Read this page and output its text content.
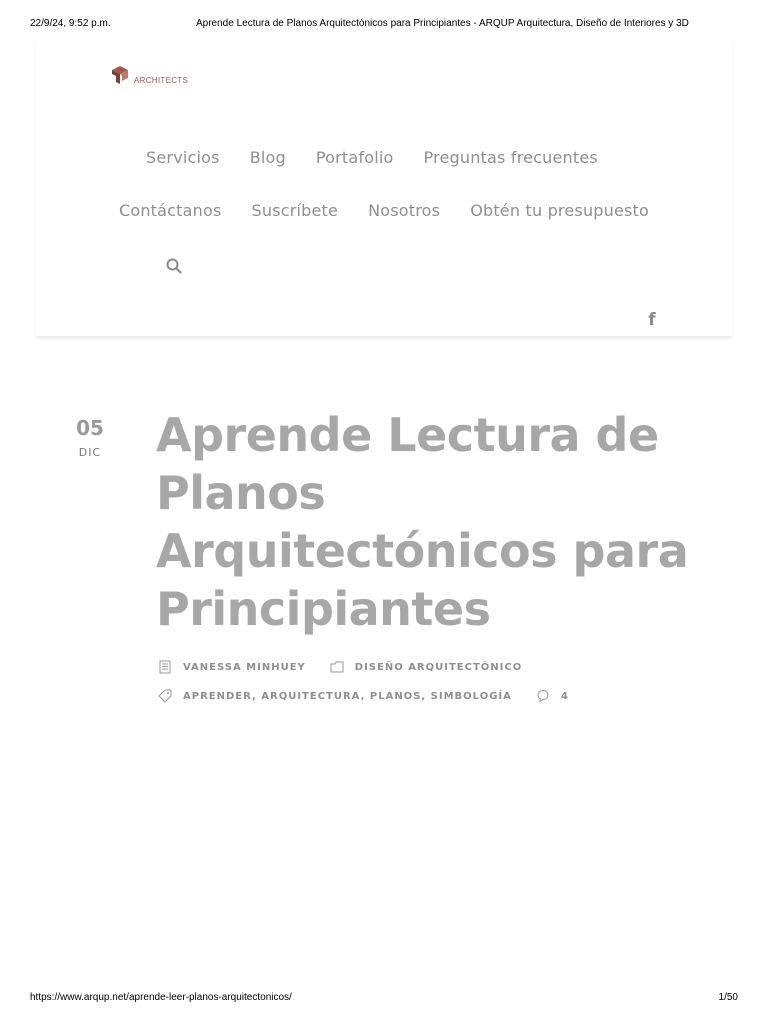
22/9/24, 9:52 p.m.	Aprende Lectura de Planos Arquitectónicos para Principiantes - ARQUP Arquitectura, Diseño de Interiores y 3D
ARCHITECTS
Servicios Blog Portafolio Preguntas frecuentes
Contáctanos Suscríbete Nosotros Obtén tu presupuesto
f
05
DIC Aprende Lectura de Planos Arquitectónicos para Principiantes
VANESSA MINHUEY	DISEÑO ARQUITECTÓNICO
APRENDER, ARQUITECTURA, PLANOS, SIMBOLOGÍA	4
https://www.arqup.net/aprende-leer-planos-arquitectonicos/	1/50
